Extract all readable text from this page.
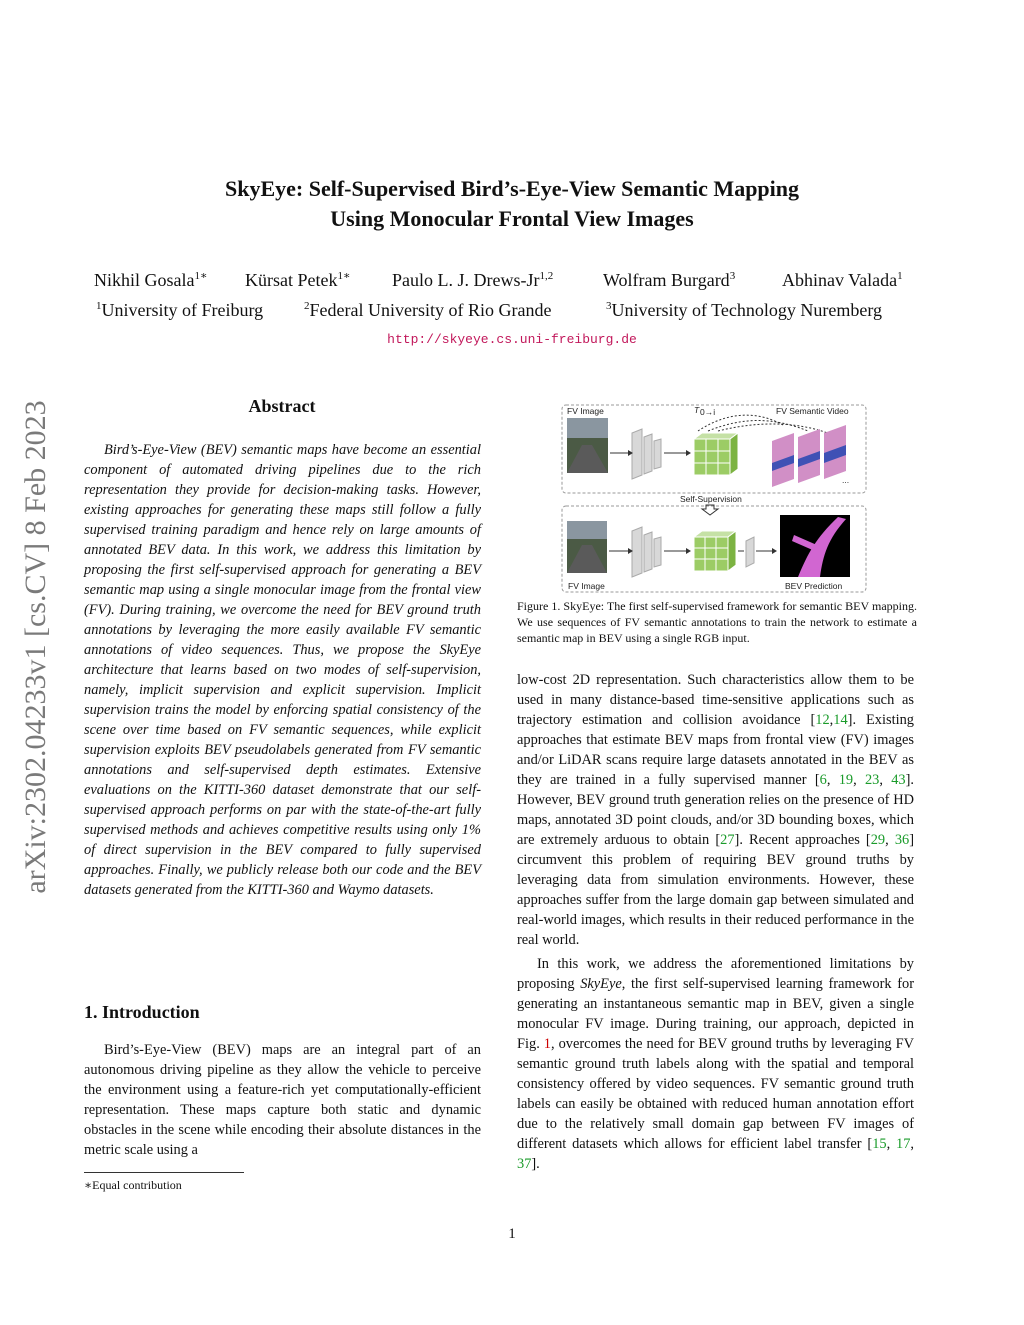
arXiv:2302.04233v1 [cs.CV] 8 Feb 2023
SkyEye: Self-Supervised Bird’s-Eye-View Semantic Mapping
Using Monocular Frontal View Images
Nikhil Gosala$^{1∗}$ Kürsat Petek$^{1∗}$ Paulo L. J. Drews-Jr$^{1,2}$	Wolfram Burgard$^3$	Abhinav Valada$^1$
$^1$University of Freiburg	$^2$Federal University of Rio Grande	$^3$University of Technology Nuremberg
http://skyeye.cs.uni-freiburg.de
Abstract

Bird’s-Eye-View (BEV) semantic maps have become an essential component of automated driving pipelines due to the rich representation they provide for decision-making tasks. However, existing approaches for generating these maps still follow a fully supervised training paradigm and hence rely on large amounts of annotated BEV data. In this work, we address this limitation by proposing the first self-supervised approach for generating a BEV semantic map using a single monocular image from the frontal view (FV). During training, we overcome the need for BEV ground truth annotations by leveraging the more easily available FV semantic annotations of video sequences. Thus, we propose the SkyEye architecture that learns based on two modes of self-supervision, namely, implicit supervision and explicit supervision. Implicit supervision trains the model by enforcing spatial consistency of the scene over time based on FV semantic sequences, while explicit supervision exploits BEV pseudolabels generated from FV semantic annotations and self-supervised depth estimates. Extensive evaluations on the KITTI-360 dataset demonstrate that our self-supervised approach performs on par with the state-of-the-art fully supervised methods and achieves competitive results using only 1% of direct supervision in the BEV compared to fully supervised approaches. Finally, we publicly release both our code and the BEV datasets generated from the KITTI-360 and Waymo datasets.

1. Introduction

Bird’s-Eye-View (BEV) maps are an integral part of an autonomous driving pipeline as they allow the vehicle to perceive the environment using a feature-rich yet computationally-efficient representation. These maps capture both static and dynamic obstacles in the scene while encoding their absolute distances in the metric scale using a

∗Equal contribution
FV Image	FV Semantic Video
T 0→i
...
Self-Supervision
FV Image	BEV Prediction
Figure 1. SkyEye: The first self-supervised framework for semantic BEV mapping. We use sequences of FV semantic annotations to train the network to estimate a semantic map in BEV using a single RGB input.

low-cost 2D representation. Such characteristics allow them to be used in many distance-based time-sensitive applications such as trajectory estimation and collision avoidance [12,14]. Existing approaches that estimate BEV maps from frontal view (FV) images and/or LiDAR scans require large datasets annotated in the BEV as they are trained in a fully supervised manner [6, 19, 23, 43]. However, BEV ground truth generation relies on the presence of HD maps, annotated 3D point clouds, and/or 3D bounding boxes, which are extremely arduous to obtain [27]. Recent approaches [29, 36] circumvent this problem of requiring BEV ground truths by leveraging data from simulation environments. However, these approaches suffer from the large domain gap between simulated and real-world images, which results in their reduced performance in the real world.

In this work, we address the aforementioned limitations by proposing SkyEye, the first self-supervised learning framework for generating an instantaneous semantic map in BEV, given a single monocular FV image. During training, our approach, depicted in Fig. 1, overcomes the need for BEV ground truths by leveraging FV semantic ground truth labels along with the spatial and temporal consistency offered by video sequences. FV semantic ground truth labels can easily be obtained with reduced human annotation effort due to the relatively small domain gap between FV images of different datasets which allows for efficient label transfer [15, 17, 37].

1
